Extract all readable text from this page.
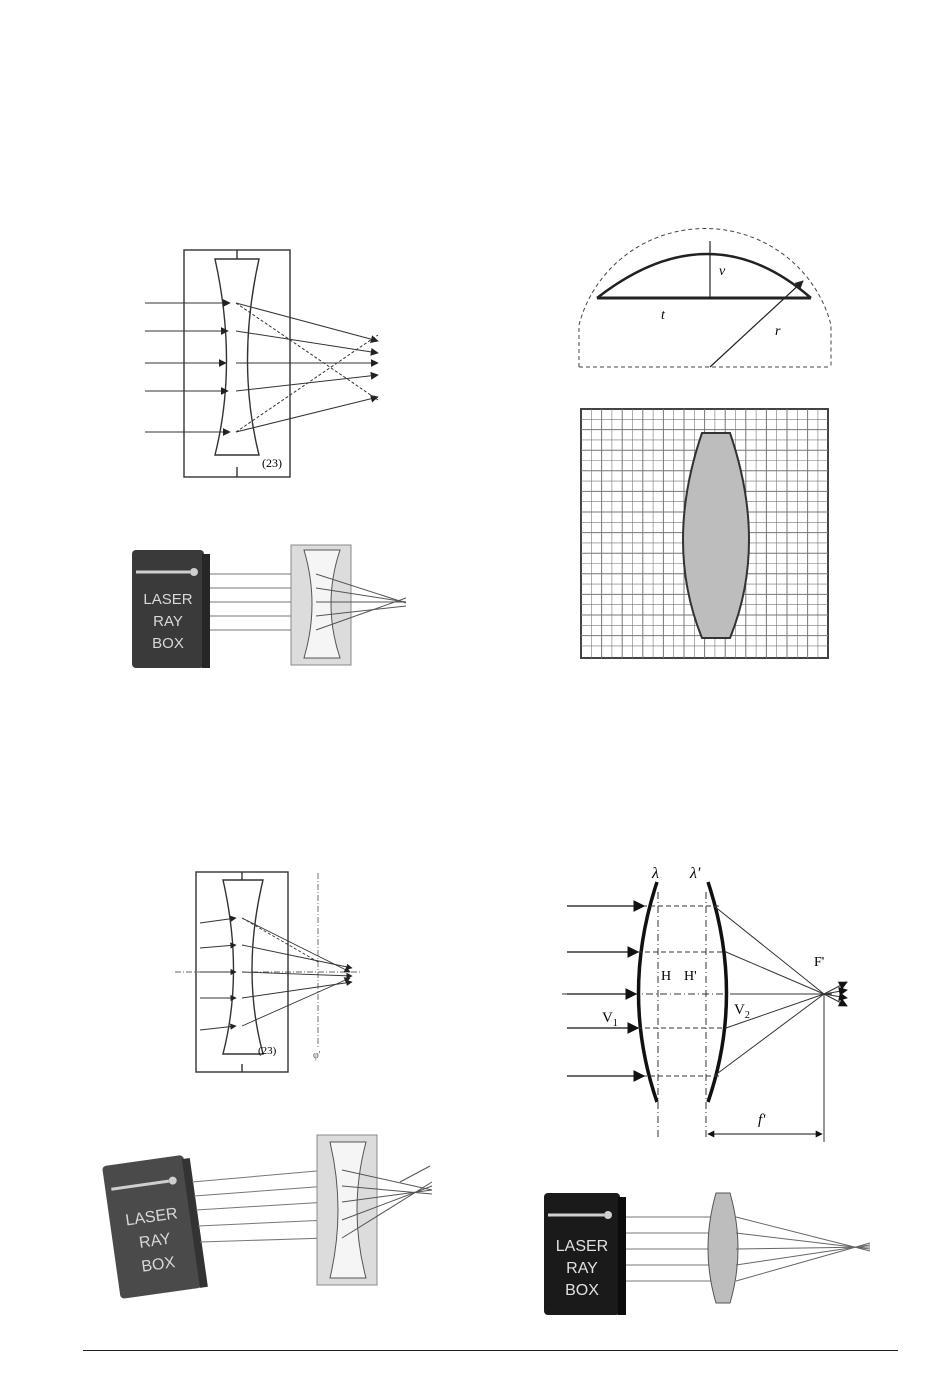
(23)
LASER
RAY
BOX
v
t
r
(23)	φ'
LASER
RAY
BOX
λ λ'
H H'
$V_1$
$V_2$
F'
f'
LASER
RAY
BOX
